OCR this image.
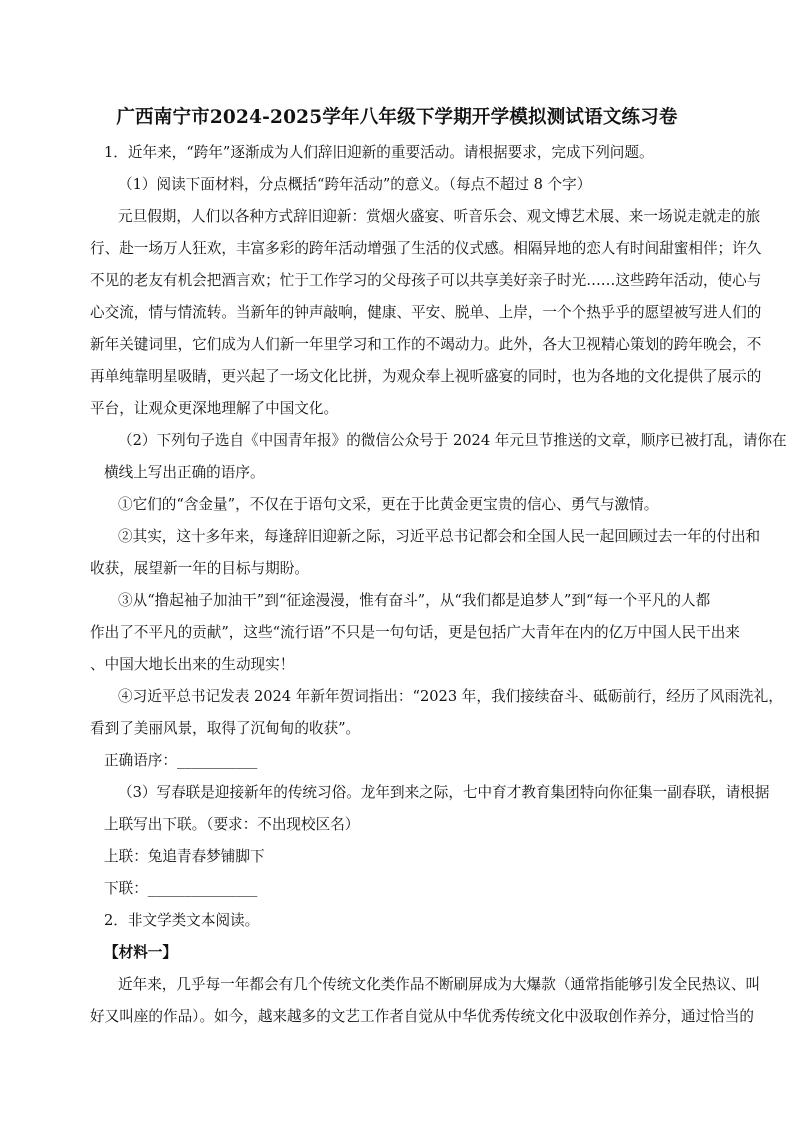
广西南宁市2024-2025学年八年级下学期开学模拟测试语文练习卷
1．近年来，“跨年”逐渐成为人们辞旧迎新的重要活动。请根据要求，完成下列问题。
（1）阅读下面材料，分点概括“跨年活动”的意义。（每点不超过 8 个字）
元旦假期，人们以各种方式辞旧迎新：赏烟火盛宴、听音乐会、观文博艺术展、来一场说走就走的旅
行、赴一场万人狂欢，丰富多彩的跨年活动增强了生活的仪式感。相隔异地的恋人有时间甜蜜相伴；许久
不见的老友有机会把酒言欢；忙于工作学习的父母孩子可以共享美好亲子时光……这些跨年活动，使心与
心交流，情与情流转。当新年的钟声敲响，健康、平安、脱单、上岸，一个个热乎乎的愿望被写进人们的
新年关键词里，它们成为人们新一年里学习和工作的不竭动力。此外，各大卫视精心策划的跨年晚会，不
再单纯靠明星吸睛，更兴起了一场文化比拼，为观众奉上视听盛宴的同时，也为各地的文化提供了展示的
平台，让观众更深地理解了中国文化。
（2）下列句子选自《中国青年报》的微信公众号于 2024 年元旦节推送的文章，顺序已被打乱，请你在
横线上写出正确的语序。
①它们的“含金量”，不仅在于语句文采，更在于比黄金更宝贵的信心、勇气与激情。
②其实，这十多年来，每逢辞旧迎新之际，习近平总书记都会和全国人民一起回顾过去一年的付出和
收获，展望新一年的目标与期盼。
③从“撸起袖子加油干”到“征途漫漫，惟有奋斗”，从“我们都是追梦人”到“每一个平凡的人都
作出了不平凡的贡献”，这些“流行语”不只是一句句话，更是包括广大青年在内的亿万中国人民干出来
、中国大地长出来的生动现实！
④习近平总书记发表 2024 年新年贺词指出：“2023 年，我们接续奋斗、砥砺前行，经历了风雨洗礼，
看到了美丽风景，取得了沉甸甸的收获”。
正确语序：___________
（3）写春联是迎接新年的传统习俗。龙年到来之际，七中育才教育集团特向你征集一副春联，请根据
上联写出下联。（要求：不出现校区名）
上联：兔追青春梦铺脚下
下联：_______________
2．非文学类文本阅读。
【材料一】
近年来，几乎每一年都会有几个传统文化类作品不断刷屏成为大爆款（通常指能够引发全民热议、叫
好又叫座的作品）。如今，越来越多的文艺工作者自觉从中华优秀传统文化中汲取创作养分，通过恰当的
